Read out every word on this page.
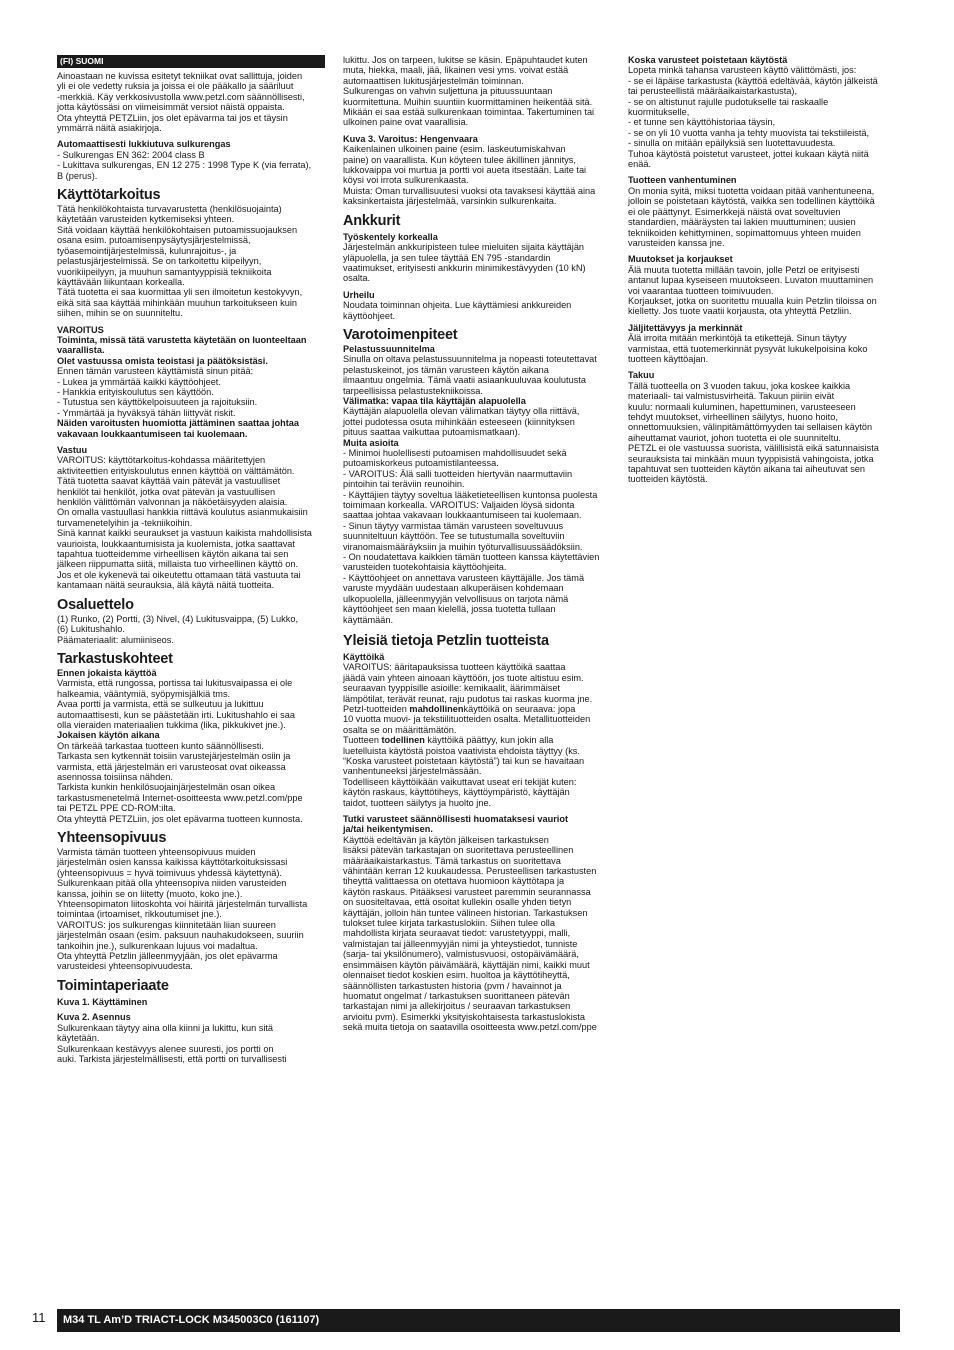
(FI) SUOMI

Ainoastaan ne kuvissa esitetyt tekniikat ovat sallittuja, joiden

yli ei ole vedetty ruksia ja joissa ei ole pääkallo ja sääriluut

-merkkiä. Käy verkkosivustolla www.petzl.com säännöllisesti,

jotta käytössäsi on viimeisimmät versiot näistä oppaista.

Ota yhteyttä PETZLiin, jos olet epävarma tai jos et täysin

ymmärrä näitä asiakirjoja.

Automaattisesti lukkiutuva sulkurengas

- Sulkurengas EN 362: 2004 class B

- Lukittava sulkurengas, EN 12 275 : 1998 Type K (via ferrata),

B (perus).

Käyttötarkoitus

Tätä henkilökohtaista turvavarustetta (henkilösuojainta)

käytetään varusteiden kytkemiseksi yhteen.

Sitä voidaan käyttää henkilökohtaisen putoamissuojauksen

osana esim. putoamisenpysäytysjärjestelmissä,

työasemointijärjestelmissä, kulunrajoitus-, ja

pelastusjärjestelmissä. Se on tarkoitettu kiipeilyyn,

vuorikiipeilyyn, ja muuhun samantyyppisiä tekniikoita

käyttävään liikuntaan korkealla.

Tätä tuotetta ei saa kuormittaa yli sen ilmoitetun kestokyvyn,

eikä sitä saa käyttää mihinkään muuhun tarkoitukseen kuin

siihen, mihin se on suunniteltu.

VAROITUS

Toiminta, missä tätä varustetta käytetään on luonteeltaan

vaarallista.

Olet vastuussa omista teoistasi ja päätöksistäsi.

Ennen tämän varusteen käyttämistä sinun pitää:

- Lukea ja ymmärtää kaikki käyttöohjeet.

- Hankkia erityiskoulutus sen käyttöön.

- Tutustua sen käyttökelpoisuuteen ja rajoituksiin.

- Ymmärtää ja hyväksyä tähän liittyvät riskit.

Näiden varoitusten huomiotta jättäminen saattaa johtaa

vakavaan loukkaantumiseen tai kuolemaan.

Vastuu

VAROITUS: käyttötarkoitus-kohdassa määritettyjen

aktiviteettien erityiskoulutus ennen käyttöä on välttämätön.

Tätä tuotetta saavat käyttää vain pätevät ja vastuulliset

henkilöt tai henkilöt, jotka ovat pätevän ja vastuullisen

henkilön välittömän valvonnan ja näköetäisyyden alaisia.

On omalla vastuullasi hankkia riittävä koulutus asianmukaisiin

turvamenetelyihin ja -tekniikoihin.

Sinä kannat kaikki seuraukset ja vastuun kaikista mahdollisista

vaurioista, loukkaantumisista ja kuolemista, jotka saattavat

tapahtua tuotteidemme virheellisen käytön aikana tai sen

jälkeen riippumatta siitä, millaista tuo virheellinen käyttö on.

Jos et ole kykenevä tai oikeutettu ottamaan tätä vastuuta tai

kantamaan näitä seurauksia, älä käytä näitä tuotteita.

Osaluettelo

(1) Runko, (2) Portti, (3) Nivel, (4) Lukitusvaippa, (5) Lukko,

(6) Lukitushahlo.

Päämateriaalit: alumiiniseos.

Tarkastuskohteet
Ennen jokaista käyttöä

Varmista, että rungossa, portissa tai lukitusvaipassa ei ole

halkeamia, vääntymiä, syöpymisjälkiä tms.

Avaa portti ja varmista, että se sulkeutuu ja lukittuu

automaattisesti, kun se päästetään irti. Lukitushahlo ei saa

olla vieraiden materiaalien tukkima (lika, pikkukivet jne.).

Jokaisen käytön aikana

On tärkeää tarkastaa tuotteen kunto säännöllisesti.

Tarkasta sen kytkennät toisiin varustejärjestelmän osiin ja

varmista, että järjestelmän eri varusteosat ovat oikeassa

asennossa toisiinsa nähden.

Tarkista kunkin henkilösuojainjärjestelmän osan oikea

tarkastusmenetelmä Internet-osoitteesta www.petzl.com/ppe

tai PETZL PPE CD-ROM:ilta.

Ota yhteyttä PETZLiin, jos olet epävarma tuotteen kunnosta.

Yhteensopivuus

Varmista tämän tuotteen yhteensopivuus muiden

järjestelmän osien kanssa kaikissa käyttötarkoituksissasi

(yhteensopivuus = hyvä toimivuus yhdessä käytettynä).

Sulkurenkaan pitää olla yhteensopiva niiden varusteiden

kanssa, joihin se on liitetty (muoto, koko jne.).

Yhteensopimaton liitoskohta voi häiritä järjestelmän turvallista

toimintaa (irtoamiset, rikkoutumiset jne.).

VAROITUS: jos sulkurengas kiinnitetään liian suureen

järjestelmän osaan (esim. paksuun nauhakudokseen, suuriin

tankoihin jne.), sulkurenkaan lujuus voi madaltua.

Ota yhteyttä Petzlin jälleenmyyjään, jos olet epävarma

varusteidesi yhteensopivuudesta.

Toimintaperiaate
Kuva 1. Käyttäminen
Kuva 2. Asennus

Sulkurenkaan täytyy aina olla kiinni ja lukittu, kun sitä

käytetään.

Sulkurenkaan kestävyys alenee suuresti, jos portti on

auki. Tarkista järjestelmällisesti, että portti on turvallisesti

lukittu. Jos on tarpeen, lukitse se käsin. Epäpuhtaudet kuten

muta, hiekka, maali, jää, likainen vesi yms. voivat estää

automaattisen lukitusjärjestelmän toiminnan.

Sulkurengas on vahvin suljettuna ja pituussuuntaan

kuormitettuna. Muihin suuntiin kuormittaminen heikentää sitä.

Mikään ei saa estää sulkurenkaan toimintaa. Takertuminen tai

ulkoinen paine ovat vaarallisia.

Kuva 3. Varoitus: Hengenvaara

Kaikenlainen ulkoinen paine (esim. laskeutumiskahvan

paine) on vaarallista. Kun köyteen tulee äkillinen jännitys,

lukkovaippa voi murtua ja portti voi aueta itsestään. Laite tai

köysi voi irrota sulkurenkaasta.

Muista: Oman turvallisuutesi vuoksi ota tavaksesi käyttää aina

kaksinkertaista järjestelmää, varsinkin sulkurenkaita.

Ankkurit
Työskentely korkealla

Järjestelmän ankkuripisteen tulee mieluiten sijaita käyttäjän

yläpuolella, ja sen tulee täyttää EN 795 -standardin

vaatimukset, erityisesti ankkurin minimikestävyyden (10 kN)

osalta.

Urheilu

Noudata toiminnan ohjeita. Lue käyttämiesi ankkureiden

käyttöohjeet.

Varotoimenpiteet
Pelastussuunnitelma

Sinulla on oltava pelastussuunnitelma ja nopeasti toteutettavat

pelastuskeinot, jos tämän varusteen käytön aikana

ilmaantuu ongelmia. Tämä vaatii asiaankuuluvaa koulutusta

tarpeellisissa pelastustekniikoissa.

Välimatka: vapaa tila käyttäjän alapuolella

Käyttäjän alapuolella olevan välimatkan täytyy olla riittävä,

jottei pudotessa osuta mihinkään esteeseen (kiinnityksen

pituus saattaa vaikuttaa putoamismatkaan).

Muita asioita

- Minimoi huolellisesti putoamisen mahdollisuudet sekä

putoamiskorkeus putoamistilanteessa.

- VAROITUS: Älä salli tuotteiden hiertyvän naarmuttaviin

pintoihin tai teräviin reunoihin.

- Käyttäjien täytyy soveltua lääketieteellisen kuntonsa puolesta

toimimaan korkealla. VAROITUS: Valjaiden löysä sidonta

saattaa johtaa vakavaan loukkaantumiseen tai kuolemaan.

- Sinun täytyy varmistaa tämän varusteen soveltuvuus

suunniteltuun käyttöön. Tee se tutustumalla soveltuviin

viranomaismääräyksiin ja muihin työturvallisuussäädöksiin.

- On noudatettava kaikkien tämän tuotteen kanssa käytettävien

varusteiden tuotekohtaisia käyttöohjeita.

- Käyttöohjeet on annettava varusteen käyttäjälle. Jos tämä

varuste myydään uudestaan alkuperäisen kohdemaan

ulkopuolella, jälleenmyyjän velvollisuus on tarjota nämä

käyttöohjeet sen maan kielellä, jossa tuotetta tullaan

käyttämään.

Yleisiä tietoja Petzlin tuotteista
Käyttöikä

VAROITUS: ääritapauksissa tuotteen käyttöikä saattaa

jäädä vain yhteen ainoaan käyttöön, jos tuote altistuu esim.

seuraavan tyyppisille asioille: kemikaalit, äärimmäiset

lämpötilat, terävät reunat, raju pudotus tai raskas kuorma jne.

Petzl-tuotteiden mahdollinenkäyttöikä on seuraava: jopa

10 vuotta muovi- ja tekstiilituotteiden osalta. Metallituotteiden

osalta se on määrittämätön.

Tuotteen todellinen käyttöikä päättyy, kun jokin alla

luetelluista käytöstä poistoa vaativista ehdoista täyttyy (ks.

“Koska varusteet poistetaan käytöstä”) tai kun se havaitaan

vanhentuneeksi järjestelmässään.

Todelliseen käyttöikään vaikuttavat useat eri tekijät kuten:

käytön raskaus, käyttötiheys, käyttöympäristö, käyttäjän

taidot, tuotteen säilytys ja huolto jne.

Tutki varusteet säännöllisesti huomataksesi vauriot

ja/tai heikentymisen.

Käyttöä edeltävän ja käytön jälkeisen tarkastuksen

lisäksi pätevän tarkastajan on suoritettava perusteellinen

määräaikaistarkastus. Tämä tarkastus on suoritettava

vähintään kerran 12 kuukaudessa. Perusteellisen tarkastusten

tiheyttä valittaessa on otettava huomioon käyttötapa ja

käytön raskaus. Pitääksesi varusteet paremmin seurannassa

on suositeltavaa, että osoitat kullekin osalle yhden tietyn

käyttäjän, jolloin hän tuntee välineen historian. Tarkastuksen

tulokset tulee kirjata tarkastuslokiin. Siihen tulee olla

mahdollista kirjata seuraavat tiedot: varustetyyppi, malli,

valmistajan tai jälleenmyyjän nimi ja yhteystiedot, tunniste

(sarja- tai yksilönumero), valmistusvuosi, ostopäivämäärä,

ensimmäisen käytön päivämäärä, käyttäjän nimi, kaikki muut

olennaiset tiedot koskien esim. huoltoa ja käyttötiheyttä,

säännöllisten tarkastusten historia (pvm / havainnot ja

huomatut ongelmat / tarkastuksen suorittaneen pätevän

tarkastajan nimi ja allekirjoitus / seuraavan tarkastuksen

arvioitu pvm). Esimerkki yksityiskohtaisesta tarkastuslokista

sekä muita tietoja on saatavilla osoitteesta www.petzl.com/ppe

Koska varusteet poistetaan käytöstä

Lopeta minkä tahansa varusteen käyttö välittömästi, jos:

- se ei läpäise tarkastusta (käyttöä edeltävää, käytön jälkeistä

tai perusteellistä määräaikaistarkastusta),

- se on altistunut rajulle pudotukselle tai raskaalle

kuormitukselle,

- et tunne sen käyttöhistoriaa täysin,

- se on yli 10 vuotta vanha ja tehty muovista tai tekstiileistä,

- sinulla on mitään epäilyksiä sen luotettavuudesta.

Tuhoa käytöstä poistetut varusteet, jottei kukaan käytä niitä

enää.

Tuotteen vanhentuminen

On monia syitä, miksi tuotetta voidaan pitää vanhentuneena,

jolloin se poistetaan käytöstä, vaikka sen todellinen käyttöikä

ei ole päättynyt. Esimerkkejä näistä ovat soveltuvien

standardien, määräysten tai lakien muuttuminen; uusien

tekniikoiden kehittyminen, sopimattomuus yhteen muiden

varusteiden kanssa jne.

Muutokset ja korjaukset

Älä muuta tuotetta millään tavoin, jolle Petzl oe erityisesti

antanut lupaa kyseiseen muutokseen. Luvaton muuttaminen

voi vaarantaa tuotteen toimivuuden.

Korjaukset, jotka on suoritettu muualla kuin Petzlin tiloissa on

kielletty. Jos tuote vaatii korjausta, ota yhteyttä Petzliin.

Jäljitettävyys ja merkinnät

Älä irroita mitään merkintöjä ta etikettejä. Sinun täytyy

varmistaa, että tuotemerkinnät pysyvät lukukelpoisina koko

tuotteen käyttöajan.

Takuu

Tällä tuotteella on 3 vuoden takuu, joka koskee kaikkia

materiaali- tai valmistusvirheitä. Takuun piiriin eivät

kuulu: normaali kuluminen, hapettuminen, varusteeseen

tehdyt muutokset, virheellinen säilytys, huono hoito,

onnettomuuksien, välinpitämättömyyden tai sellaisen käytön

aiheuttamat vauriot, johon tuotetta ei ole suunniteltu.

PETZL ei ole vastuussa suorista, välillisistä eikä satunnaisista

seurauksista tai minkään muun tyyppisistä vahingoista, jotka

tapahtuvat sen tuotteiden käytön aikana tai aiheutuvat sen

tuotteiden käytöstä.

11	M34 TL Am’D TRIACT-LOCK M345003C0 (161107)
